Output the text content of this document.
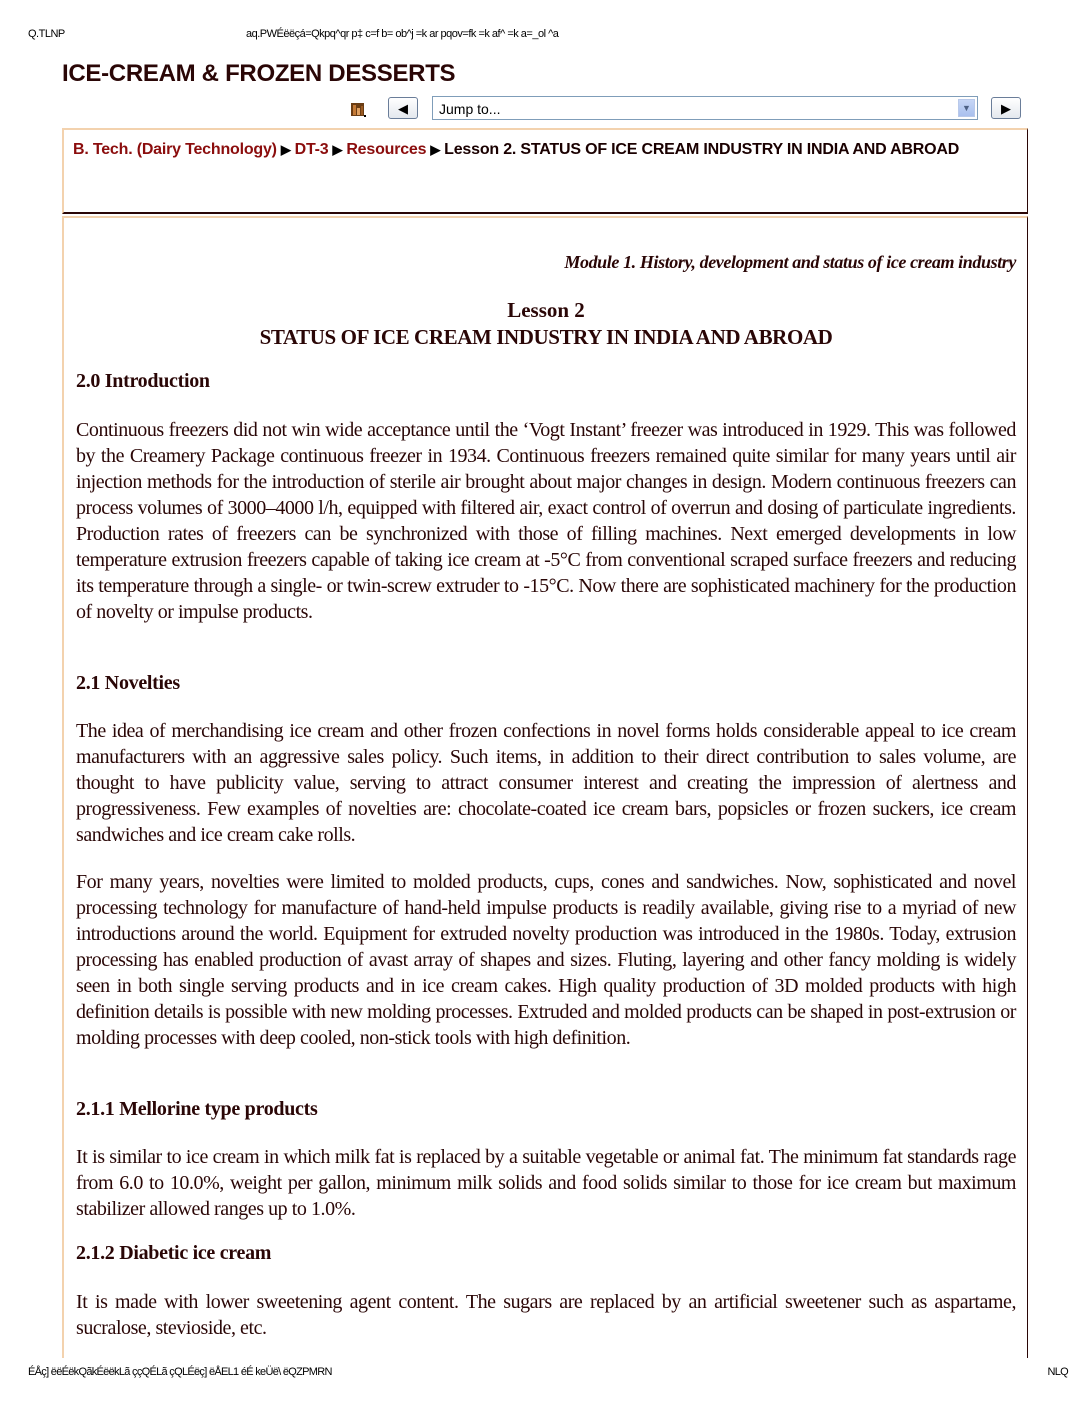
Q.TLNP	aq.PWÉëëçá=Qkpq^qr p‡ c=f b= ob^j =k ar pqov=fk =k af^ =k a=_ol ^a
ICE-CREAM & FROZEN DESSERTS
◀ Jump to...	▼	▶
B. Tech. (Dairy Technology) ▶ DT-3 ▶ Resources ▶ Lesson 2. STATUS OF ICE CREAM INDUSTRY IN INDIA AND ABROAD
Module 1. History, development and status of ice cream industry
Lesson 2
STATUS OF ICE CREAM INDUSTRY IN INDIA AND ABROAD
2.0 Introduction
Continuous freezers did not win wide acceptance until the ‘Vogt Instant’ freezer was introduced in 1929. This was followed by the Creamery Package continuous freezer in 1934. Continuous freezers remained quite similar for many years until air injection methods for the introduction of sterile air brought about major changes in design. Modern continuous freezers can process volumes of 3000–4000 l/h, equipped with filtered air, exact control of overrun and dosing of particulate ingredients. Production rates of freezers can be synchronized with those of filling machines. Next emerged developments in low temperature extrusion freezers capable of taking ice cream at -5°C from conventional scraped surface freezers and reducing its temperature through a single- or twin-screw extruder to -15°C. Now there are sophisticated machinery for the production of novelty or impulse products.
2.1 Novelties
The idea of merchandising ice cream and other frozen confections in novel forms holds considerable appeal to ice cream manufacturers with an aggressive sales policy. Such items, in addition to their direct contribution to sales volume, are thought to have publicity value, serving to attract consumer interest and creating the impression of alertness and progressiveness. Few examples of novelties are: chocolate-coated ice cream bars, popsicles or frozen suckers, ice cream sandwiches and ice cream cake rolls.
For many years, novelties were limited to molded products, cups, cones and sandwiches. Now, sophisticated and novel processing technology for manufacture of hand-held impulse products is readily available, giving rise to a myriad of new introductions around the world. Equipment for extruded novelty production was introduced in the 1980s. Today, extrusion processing has enabled production of avast array of shapes and sizes. Fluting, layering and other fancy molding is widely seen in both single serving products and in ice cream cakes. High quality production of 3D molded products with high definition details is possible with new molding processes. Extruded and molded products can be shaped in post-extrusion or molding processes with deep cooled, non-stick tools with high definition.
2.1.1 Mellorine type products
It is similar to ice cream in which milk fat is replaced by a suitable vegetable or animal fat. The minimum fat standards rage from 6.0 to 10.0%, weight per gallon, minimum milk solids and food solids similar to those for ice cream but maximum stabilizer allowed ranges up to 1.0%.
2.1.2 Diabetic ice cream
It is made with lower sweetening agent content. The sugars are replaced by an artificial sweetener such as aspartame, sucralose, stevioside, etc.
ÉÅç] ëëÉëkQãkÉëëkLã ççQÉLã çQLÉëç] ëÅEL1 éÉ keÜë\ ëQZPMRN	NLQ
